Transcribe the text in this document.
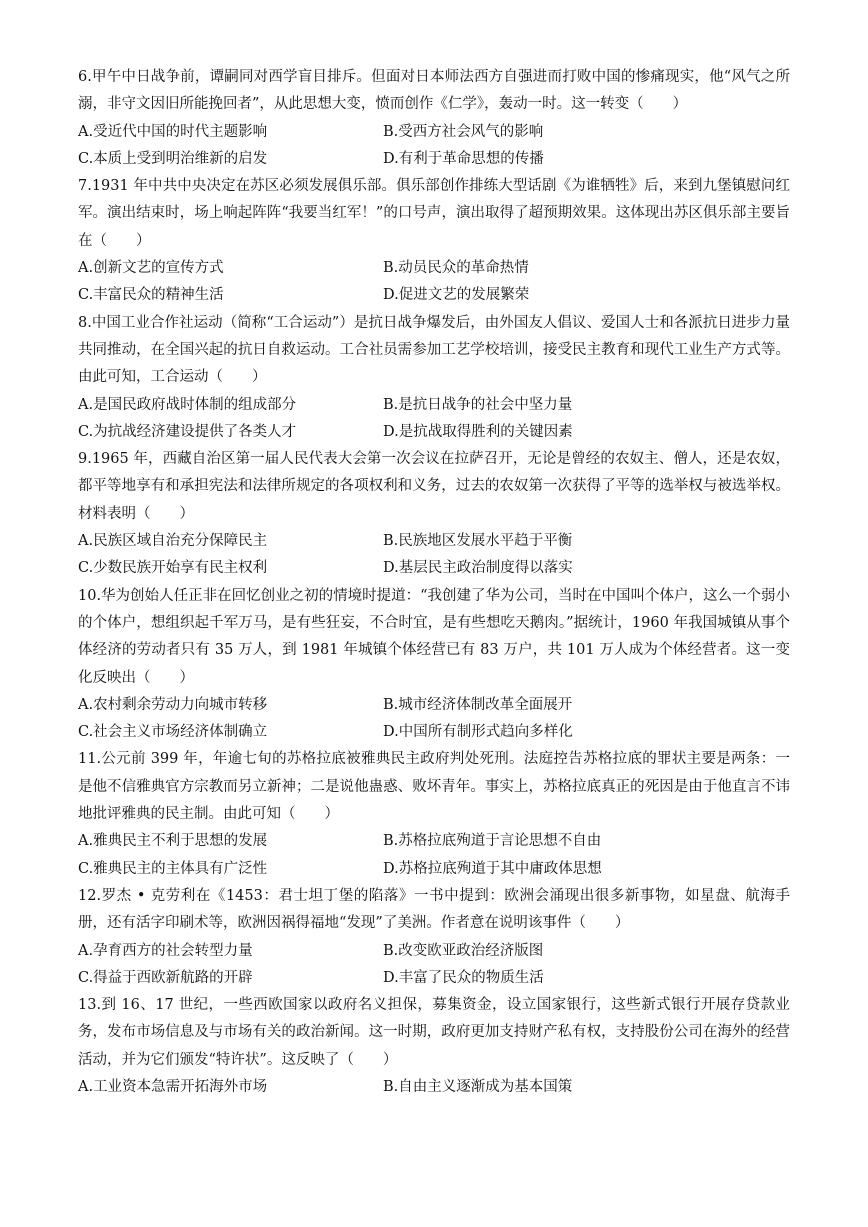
6.甲午中日战争前，谭嗣同对西学盲目排斥。但面对日本师法西方自强进而打败中国的惨痛现实，他“风气之所溺，非守文因旧所能挽回者”，从此思想大变，愤而创作《仁学》，轰动一时。这一转变（　　）

A.受近代中国的时代主题影响	B.受西方社会风气的影响
C.本质上受到明治维新的启发	D.有利于革命思想的传播

7.1931 年中共中央决定在苏区必须发展俱乐部。俱乐部创作排练大型话剧《为谁牺牲》后，来到九堡镇慰问红军。演出结束时，场上响起阵阵“我要当红军！”的口号声，演出取得了超预期效果。这体现出苏区俱乐部主要旨在（　　）

A.创新文艺的宣传方式	B.动员民众的革命热情
C.丰富民众的精神生活	D.促进文艺的发展繁荣

8.中国工业合作社运动（简称“工合运动”）是抗日战争爆发后，由外国友人倡议、爱国人士和各派抗日进步力量共同推动，在全国兴起的抗日自救运动。工合社员需参加工艺学校培训，接受民主教育和现代工业生产方式等。由此可知，工合运动（　　）

A.是国民政府战时体制的组成部分	B.是抗日战争的社会中坚力量
C.为抗战经济建设提供了各类人才	D.是抗战取得胜利的关键因素

9.1965 年，西藏自治区第一届人民代表大会第一次会议在拉萨召开，无论是曾经的农奴主、僧人，还是农奴，都平等地享有和承担宪法和法律所规定的各项权利和义务，过去的农奴第一次获得了平等的选举权与被选举权。材料表明（　　）

A.民族区域自治充分保障民主	B.民族地区发展水平趋于平衡
C.少数民族开始享有民主权利	D.基层民主政治制度得以落实

10.华为创始人任正非在回忆创业之初的情境时提道：“我创建了华为公司，当时在中国叫个体户，这么一个弱小的个体户，想组织起千军万马，是有些狂妄，不合时宜，是有些想吃天鹅肉。”据统计，1960 年我国城镇从事个体经济的劳动者只有 35 万人，到 1981 年城镇个体经营已有 83 万户，共 101 万人成为个体经营者。这一变化反映出（　　）

A.农村剩余劳动力向城市转移	B.城市经济体制改革全面展开
C.社会主义市场经济体制确立	D.中国所有制形式趋向多样化

11.公元前 399 年，年逾七旬的苏格拉底被雅典民主政府判处死刑。法庭控告苏格拉底的罪状主要是两条：一是他不信雅典官方宗教而另立新神；二是说他蛊惑、败坏青年。事实上，苏格拉底真正的死因是由于他直言不讳地批评雅典的民主制。由此可知（　　）

A.雅典民主不利于思想的发展	B.苏格拉底殉道于言论思想不自由
C.雅典民主的主体具有广泛性	D.苏格拉底殉道于其中庸政体思想

12.罗杰 • 克劳利在《1453：君士坦丁堡的陷落》一书中提到：欧洲会涌现出很多新事物，如星盘、航海手册，还有活字印刷术等，欧洲因祸得福地“发现”了美洲。作者意在说明该事件（　　）

A.孕育西方的社会转型力量	B.改变欧亚政治经济版图
C.得益于西欧新航路的开辟	D.丰富了民众的物质生活

13.到 16、17 世纪，一些西欧国家以政府名义担保，募集资金，设立国家银行，这些新式银行开展存贷款业务，发布市场信息及与市场有关的政治新闻。这一时期，政府更加支持财产私有权，支持股份公司在海外的经营活动，并为它们颁发“特许状”。这反映了（　　）

A.工业资本急需开拓海外市场	B.自由主义逐渐成为基本国策
